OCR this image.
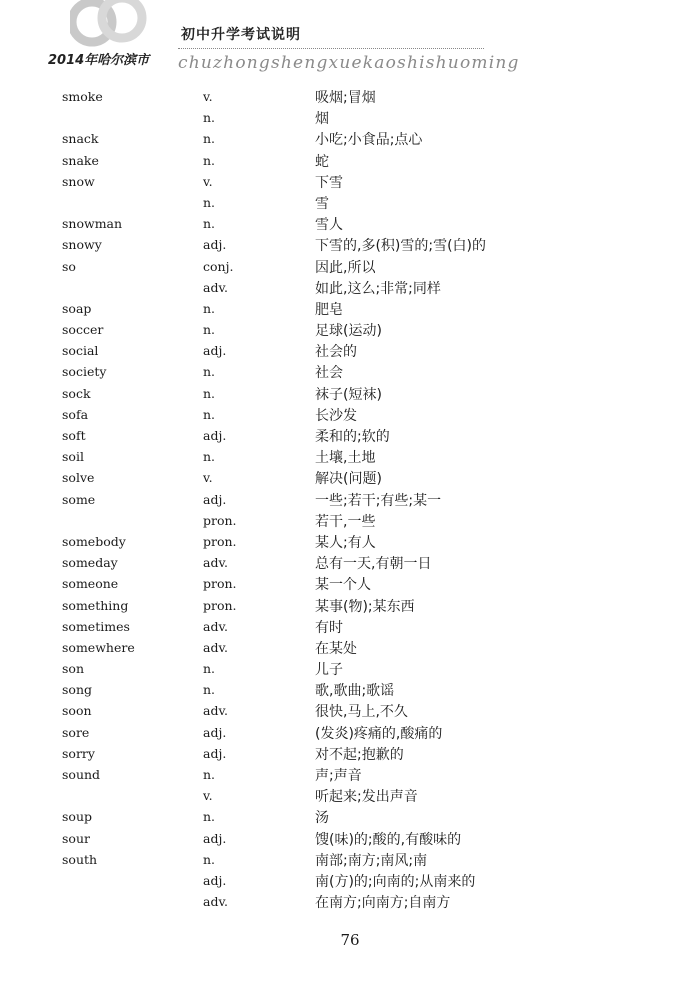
初中升学考试说明
2014年哈尔滨市 chuzhongshengxuekaoshishuoming
smoke	v.	吸烟;冒烟
n.	烟
snack	n.	小吃;小食品;点心
snake	n.	蛇
snow	v.	下雪
n.	雪
snowman	n.	雪人
snowy	adj.	下雪的,多(积)雪的;雪(白)的
so	conj.	因此,所以
adv.	如此,这么;非常;同样
soap	n.	肥皂
soccer	n.	足球(运动)
social	adj.	社会的
society	n.	社会
sock	n.	袜子(短袜)
sofa	n.	长沙发
soft	adj.	柔和的;软的
soil	n.	土壤,土地
solve	v.	解决(问题)
some	adj.	一些;若干;有些;某一
pron.	若干,一些
somebody	pron.	某人;有人
someday	adv.	总有一天,有朝一日
someone	pron.	某一个人
something	pron.	某事(物);某东西
sometimes	adv.	有时
somewhere	adv.	在某处
son	n.	儿子
song	n.	歌,歌曲;歌谣
soon	adv.	很快,马上,不久
sore	adj.	(发炎)疼痛的,酸痛的
sorry	adj.	对不起;抱歉的
sound	n.	声;声音
v.	听起来;发出声音
soup	n.	汤
sour	adj.	馊(味)的;酸的,有酸味的
south	n.	南部;南方;南风;南
adj.	南(方)的;向南的;从南来的
adv.	在南方;向南方;自南方
76
